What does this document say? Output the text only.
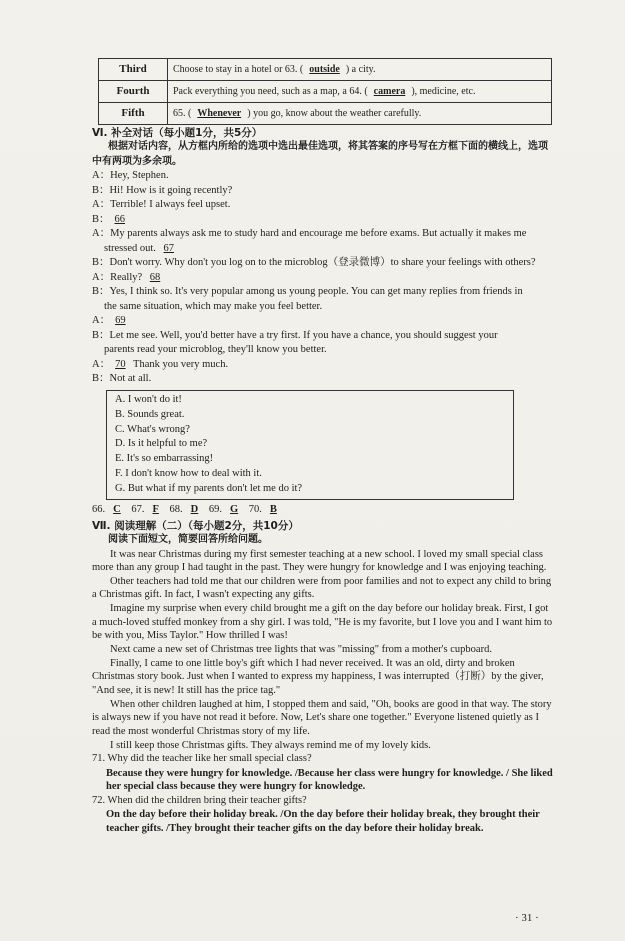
Third	Choose to stay in a hotel or 63. ( outside ) a city.
Fourth	Pack everything you need, such as a map, a 64. ( camera ), medicine, etc.
Fifth	65. ( Whenever ) you go, know about the weather carefully.
Ⅵ. 补全对话（每小题1分，共5分）
根据对话内容，从方框内所给的选项中选出最佳选项，将其答案的序号写在方框下面的横线上，选项中有两项为多余项。
A：Hey, Stephen.
B：Hi! How is it going recently?
A：Terrible! I always feel upset.
B： 66
A：My parents always ask me to study hard and encourage me before exams. But actually it makes me
stressed out. 67
B：Don't worry. Why don't you log on to the microblog（登录微博）to share your feelings with others?
A：Really? 68
B：Yes, I think so. It's very popular among us young people. You can get many replies from friends in
the same situation, which may make you feel better.
A： 69
B：Let me see. Well, you'd better have a try first. If you have a chance, you should suggest your
parents read your microblog, they'll know you better.
A： 70 Thank you very much.
B：Not at all.
A. I won't do it!
B. Sounds great.
C. What's wrong?
D. Is it helpful to me?
E. It's so embarrassing!
F. I don't know how to deal with it.
G. But what if my parents don't let me do it?
66. C 67. F 68. D 69. G 70. B
Ⅶ. 阅读理解（二）（每小题2分，共10分）
阅读下面短文，简要回答所给问题。

It was near Christmas during my first semester teaching at a new school. I loved my small special class more than any group I had taught in the past. They were hungry for knowledge and I was enjoying teaching.

Other teachers had told me that our children were from poor families and not to expect any child to bring a Christmas gift. In fact, I wasn't expecting any gifts.

Imagine my surprise when every child brought me a gift on the day before our holiday break. First, I got a much-loved stuffed monkey from a shy girl. I was told, "He is my favorite, but I love you and I want him to be with you, Miss Taylor." How thrilled I was!

Next came a new set of Christmas tree lights that was "missing" from a mother's cupboard.

Finally, I came to one little boy's gift which I had never received. It was an old, dirty and broken Christmas story book. Just when I wanted to express my happiness, I was interrupted（打断）by the giver, "And see, it is new! It still has the price tag."

When other children laughed at him, I stopped them and said, "Oh, books are good in that way. The story is always new if you have not read it before. Now, Let's share one together." Everyone listened quietly as I read the most wonderful Christmas story of my life.

I still keep those Christmas gifts. They always remind me of my lovely kids.

71. Why did the teacher like her small special class?

Because they were hungry for knowledge. /Because her class were hungry for knowledge. / She liked her special class because they were hungry for knowledge.

72. When did the children bring their teacher gifts?

On the day before their holiday break. /On the day before their holiday break, they brought their teacher gifts. /They brought their teacher gifts on the day before their holiday break.

· 31 ·
